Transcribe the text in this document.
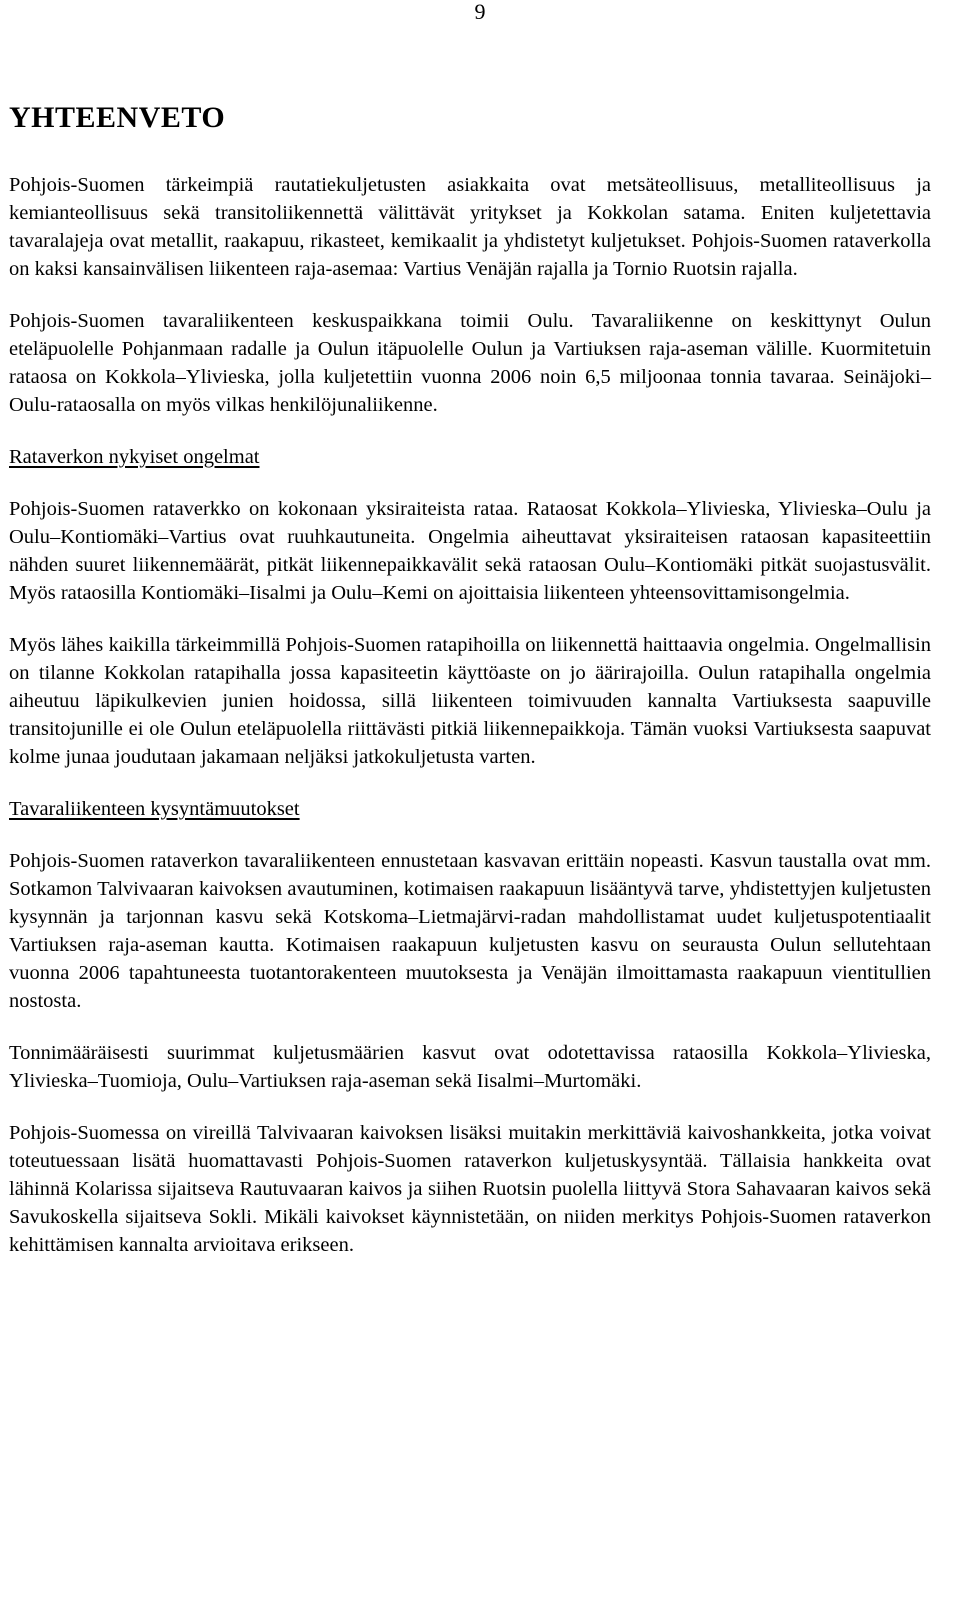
9
YHTEENVETO

Pohjois-Suomen tärkeimpiä rautatiekuljetusten asiakkaita ovat metsäteollisuus, metalliteollisuus ja kemianteollisuus sekä transitoliikennettä välittävät yritykset ja Kokkolan satama. Eniten kuljetettavia tavaralajeja ovat metallit, raakapuu, rikasteet, kemikaalit ja yhdistetyt kuljetukset. Pohjois-Suomen rataverkolla on kaksi kansainvälisen liikenteen raja-asemaa: Vartius Venäjän rajalla ja Tornio Ruotsin rajalla.

Pohjois-Suomen tavaraliikenteen keskuspaikkana toimii Oulu. Tavaraliikenne on keskittynyt Oulun eteläpuolelle Pohjanmaan radalle ja Oulun itäpuolelle Oulun ja Vartiuksen raja-aseman välille. Kuormitetuin rataosa on Kokkola–Ylivieska, jolla kuljetettiin vuonna 2006 noin 6,5 miljoonaa tonnia tavaraa. Seinäjoki–Oulu-rataosalla on myös vilkas henkilöjunaliikenne.

Rataverkon nykyiset ongelmat

Pohjois-Suomen rataverkko on kokonaan yksiraiteista rataa. Rataosat Kokkola–Ylivieska, Ylivieska–Oulu ja Oulu–Kontiomäki–Vartius ovat ruuhkautuneita. Ongelmia aiheuttavat yksiraiteisen rataosan kapasiteettiin nähden suuret liikennemäärät, pitkät liikennepaikkavälit sekä rataosan Oulu–Kontiomäki pitkät suojastusvälit. Myös rataosilla Kontiomäki–Iisalmi ja Oulu–Kemi on ajoittaisia liikenteen yhteensovittamisongelmia.

Myös lähes kaikilla tärkeimmillä Pohjois-Suomen ratapihoilla on liikennettä haittaavia ongelmia. Ongelmallisin on tilanne Kokkolan ratapihalla jossa kapasiteetin käyttöaste on jo äärirajoilla. Oulun ratapihalla ongelmia aiheutuu läpikulkevien junien hoidossa, sillä liikenteen toimivuuden kannalta Vartiuksesta saapuville transitojunille ei ole Oulun eteläpuolella riittävästi pitkiä liikennepaikkoja. Tämän vuoksi Vartiuksesta saapuvat kolme junaa joudutaan jakamaan neljäksi jatkokuljetusta varten.

Tavaraliikenteen kysyntämuutokset

Pohjois-Suomen rataverkon tavaraliikenteen ennustetaan kasvavan erittäin nopeasti. Kasvun taustalla ovat mm. Sotkamon Talvivaaran kaivoksen avautuminen, kotimaisen raakapuun lisääntyvä tarve, yhdistettyjen kuljetusten kysynnän ja tarjonnan kasvu sekä Kotskoma–Lietmajärvi-radan mahdollistamat uudet kuljetuspotentiaalit Vartiuksen raja-aseman kautta. Kotimaisen raakapuun kuljetusten kasvu on seurausta Oulun sellutehtaan vuonna 2006 tapahtuneesta tuotantorakenteen muutoksesta ja Venäjän ilmoittamasta raakapuun vientitullien nostosta.

Tonnimääräisesti suurimmat kuljetusmäärien kasvut ovat odotettavissa rataosilla Kokkola–Ylivieska, Ylivieska–Tuomioja, Oulu–Vartiuksen raja-aseman sekä Iisalmi–Murtomäki.

Pohjois-Suomessa on vireillä Talvivaaran kaivoksen lisäksi muitakin merkittäviä kaivoshankkeita, jotka voivat toteutuessaan lisätä huomattavasti Pohjois-Suomen rataverkon kuljetuskysyntää. Tällaisia hankkeita ovat lähinnä Kolarissa sijaitseva Rautuvaaran kaivos ja siihen Ruotsin puolella liittyvä Stora Sahavaaran kaivos sekä Savukoskella sijaitseva Sokli. Mikäli kaivokset käynnistetään, on niiden merkitys Pohjois-Suomen rataverkon kehittämisen kannalta arvioitava erikseen.
